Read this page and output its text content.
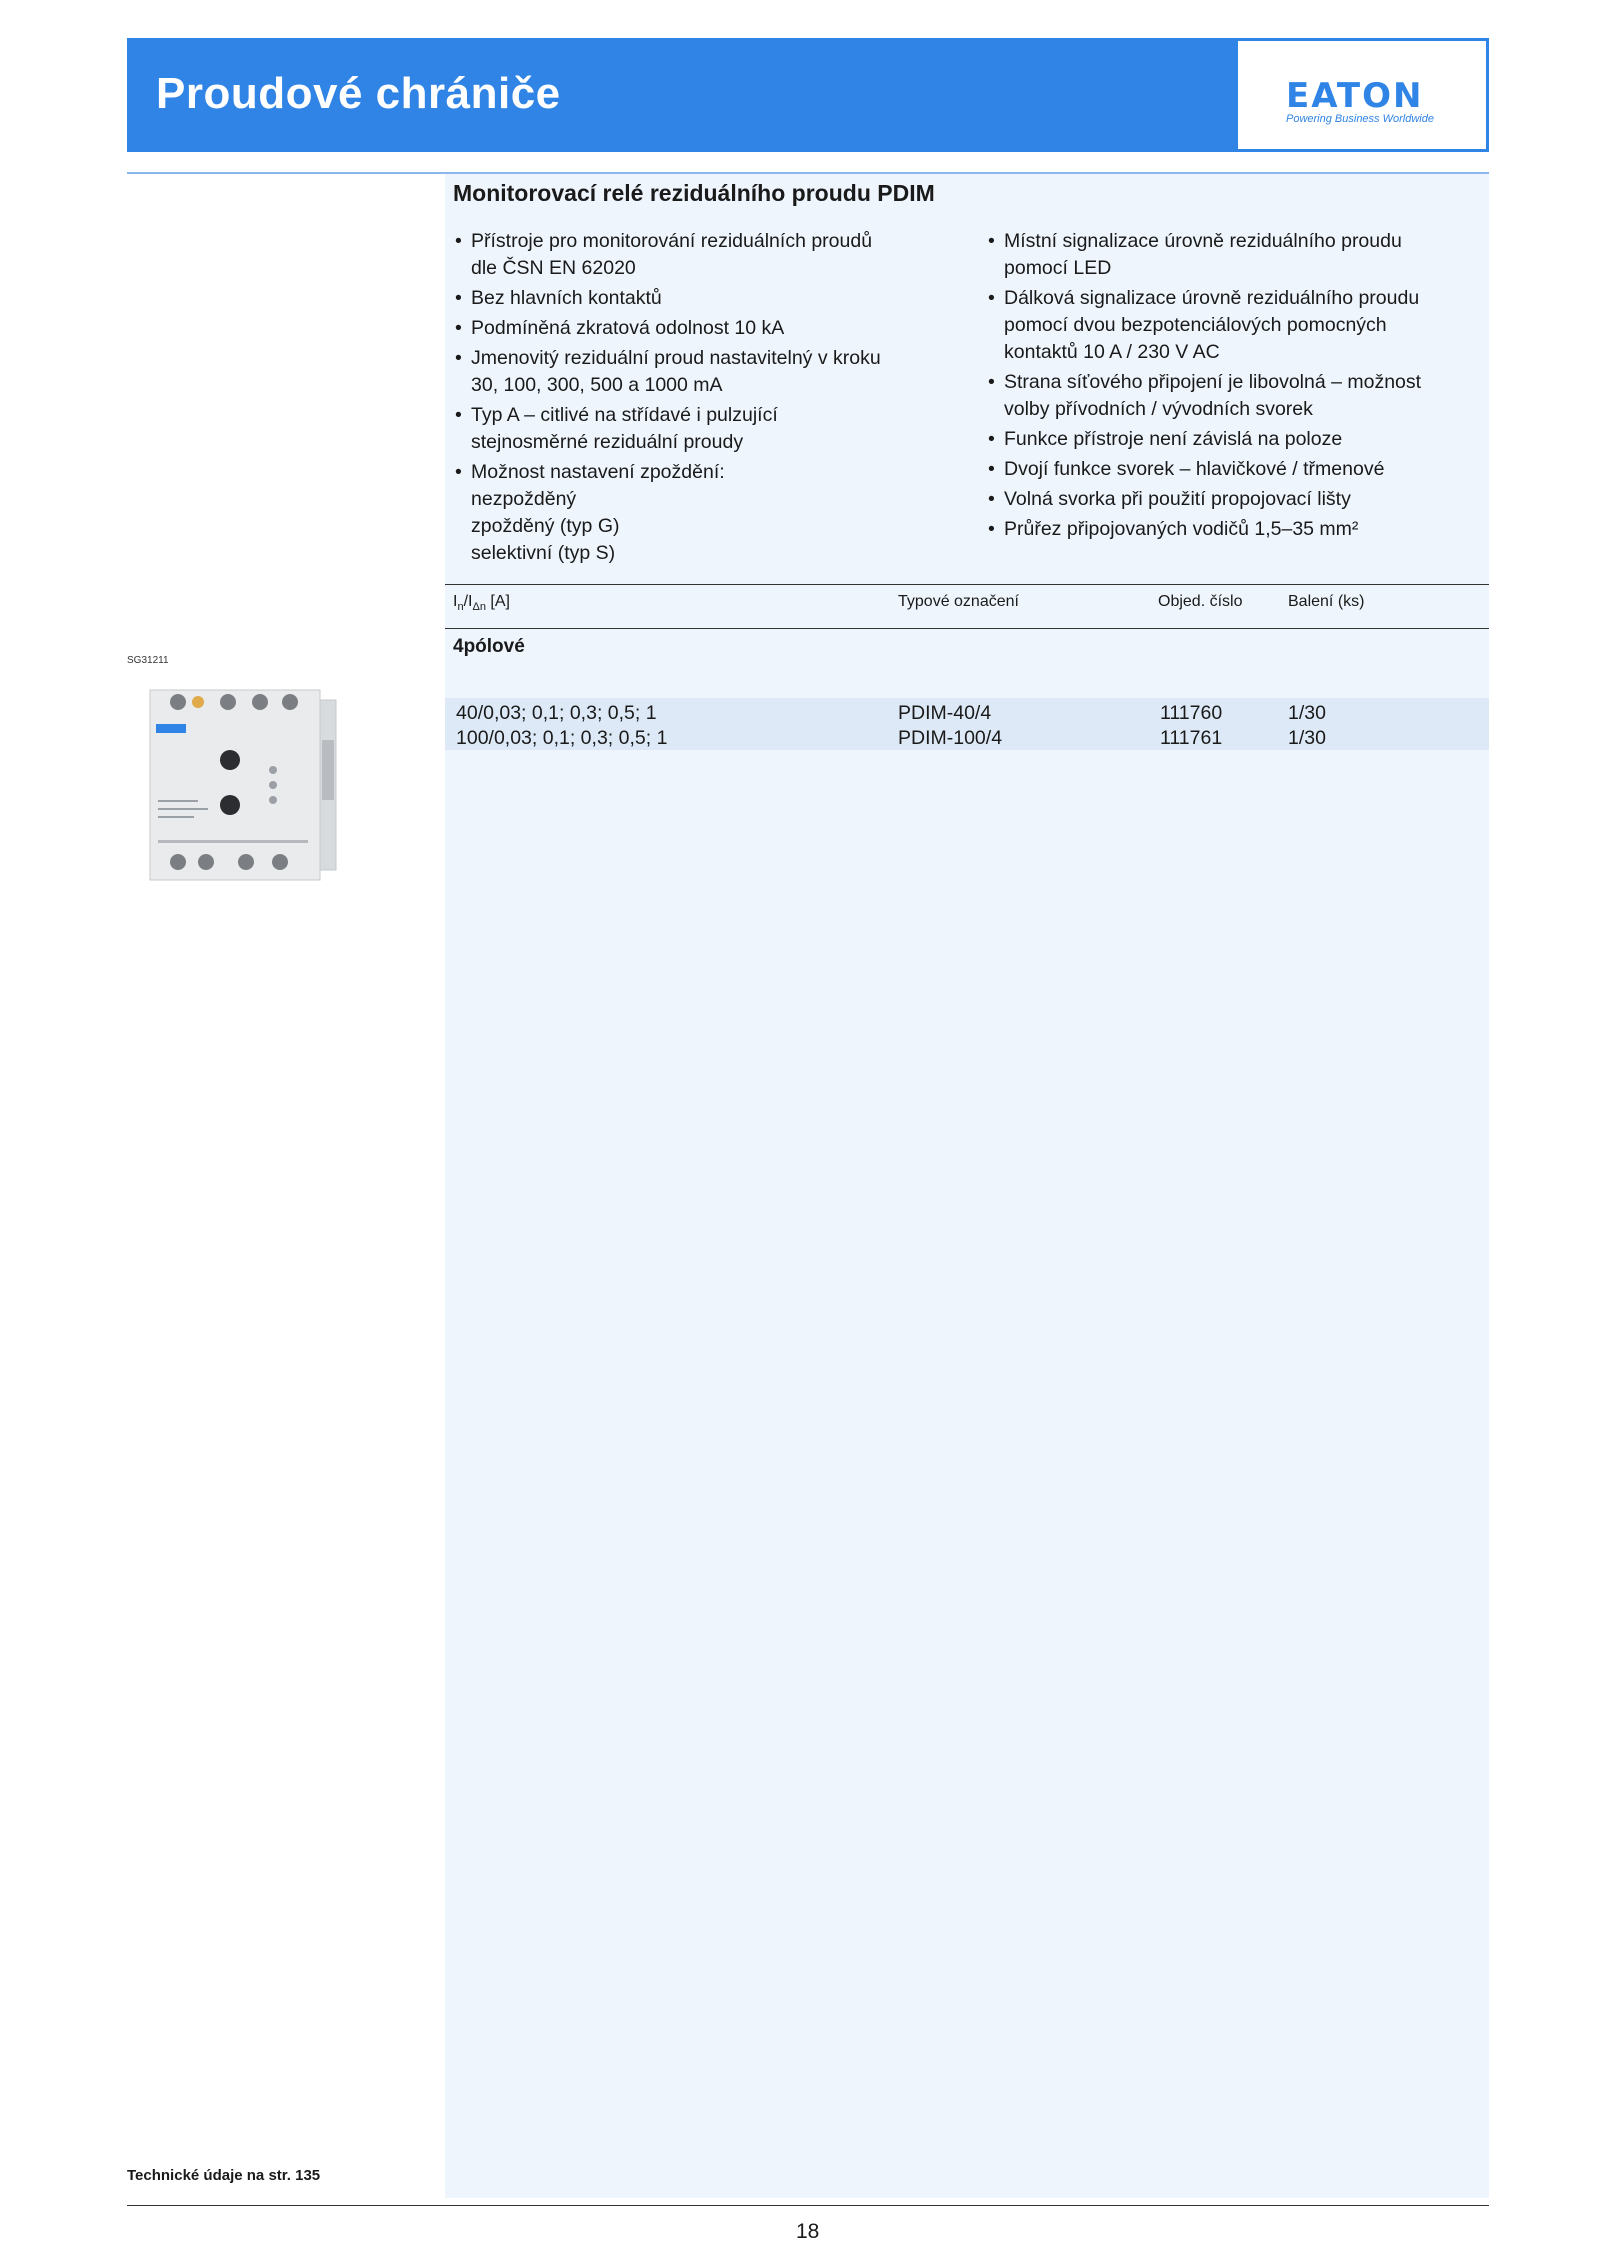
Proudové chrániče	EATON
Powering Business Worldwide
Monitorovací relé reziduálního proudu PDIM
• Přístroje pro monitorování reziduálních proudů
dle ČSN EN 62020
• Bez hlavních kontaktů
• Podmíněná zkratová odolnost 10 kA
• Jmenovitý reziduální proud nastavitelný v kroku
30, 100, 300, 500 a 1000 mA
• Typ A – citlivé na střídavé i pulzující
stejnosměrné reziduální proudy
• Možnost nastavení zpoždění:
nezpožděný
zpožděný (typ G)
selektivní (typ S)
• Místní signalizace úrovně reziduálního proudu
pomocí LED
• Dálková signalizace úrovně reziduálního proudu
pomocí dvou bezpotenciálových pomocných
kontaktů 10 A / 230 V AC
• Strana síťového připojení je libovolná – možnost
volby přívodních / vývodních svorek
• Funkce přístroje není závislá na poloze
• Dvojí funkce svorek – hlavičkové / třmenové
• Volná svorka při použití propojovací lišty
• Průřez připojovaných vodičů 1,5–35 mm²
$I_n/I_{\Delta n}$ [A]	Typové označení	Objed. číslo	Balení (ks)
4pólové
40/0,03; 0,1; 0,3; 0,5; 1	PDIM-40/4	111760	1/30
100/0,03; 0,1; 0,3; 0,5; 1	PDIM-100/4	111761	1/30
SG31211
Technické údaje na str. 135
18
